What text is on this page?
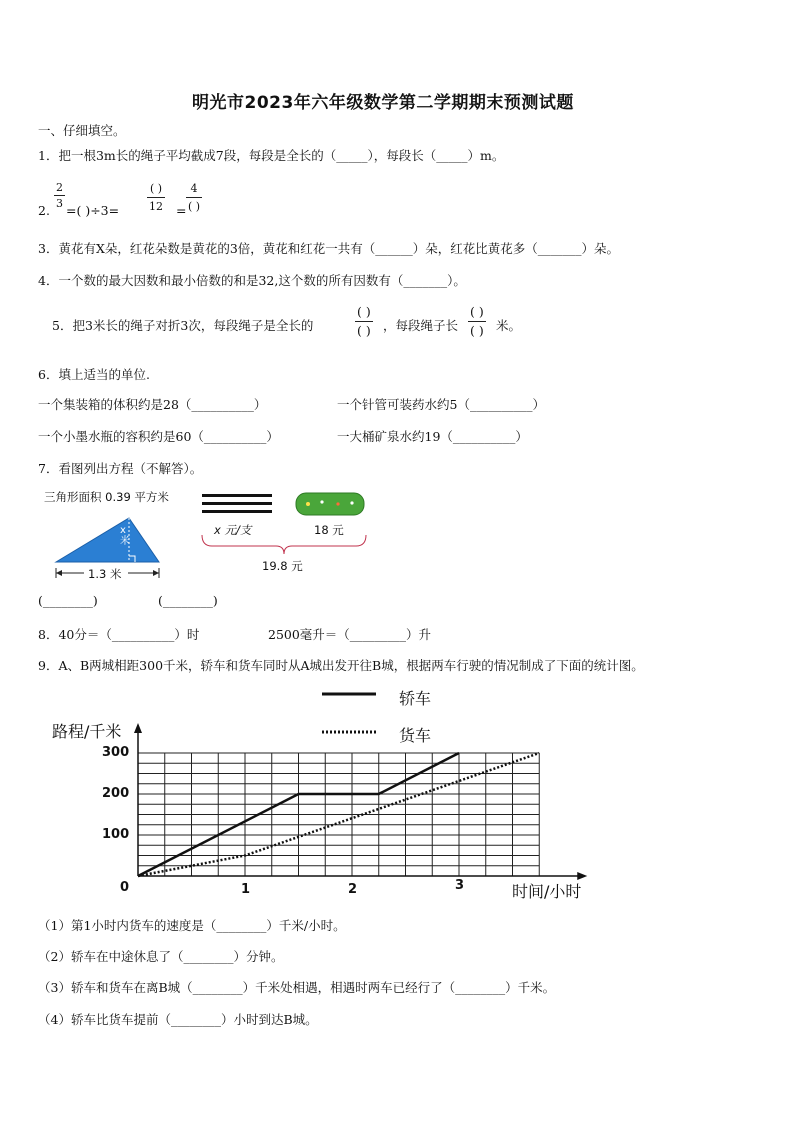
明光市2023年六年级数学第二学期期末预测试题
一、仔细填空。
1．把一根3m长的绳子平均截成7段，每段是全长的（_____），每段长（_____）m。
2. $\frac{2}{3}$ =( )÷3=
( )
12 =
4
( )
3．黄花有X朵，红花朵数是黄花的3倍，黄花和红花一共有（______）朵，红花比黄花多（_______）朵。
4．一个数的最大因数和最小倍数的和是32,这个数的所有因数有（_______）。
5．把3米长的绳子对折3次，每段绳子是全长的
( )
( ) ，每段绳子长
( )
( ) 米。
6．填上适当的单位.
一个集装箱的体积约是28（__________）	一个针管可装药水约5（__________）
一个小墨水瓶的容积约是60（__________）	一大桶矿泉水约19（__________）
7．看图列出方程（不解答）。
三角形面积 0.39 平方米
x米
1.3 米
x 元/支	18 元
19.8 元
(________)	(________)
8．40分＝（__________）时	2500毫升＝（_________）升
9．A、B两城相距300千米，轿车和货车同时从A城出发开往B城，根据两车行驶的情况制成了下面的统计图。
路程/千米
时间/小时
轿车
货车
100
200
300
0	1	2	3
（1）第1小时内货车的速度是（________）千米/小时。
（2）轿车在中途休息了（________）分钟。
（3）轿车和货车在离B城（________）千米处相遇，相遇时两车已经行了（________）千米。
（4）轿车比货车提前（________）小时到达B城。
